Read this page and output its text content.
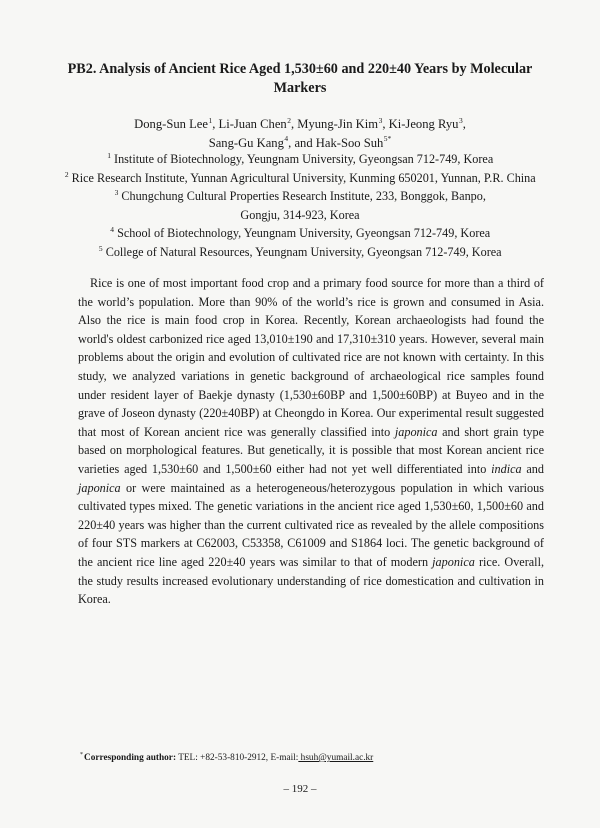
PB2. Analysis of Ancient Rice Aged 1,530±60 and 220±40 Years by Molecular
Markers
Dong-Sun Lee$^1$, Li-Juan Chen$^2$, Myung-Jin Kim$^3$, Ki-Jeong Ryu$^3$,
Sang-Gu Kang$^4$, and Hak-Soo Suh$^{5*}$
$^1$ Institute of Biotechnology, Yeungnam University, Gyeongsan 712-749, Korea
$^2$ Rice Research Institute, Yunnan Agricultural University, Kunming 650201, Yunnan, P.R. China
$^3$ Chungchung Cultural Properties Research Institute, 233, Bonggok, Banpo,
Gongju, 314-923, Korea
$^4$ School of Biotechnology, Yeungnam University, Gyeongsan 712-749, Korea
$^5$ College of Natural Resources, Yeungnam University, Gyeongsan 712-749, Korea

Rice is one of most important food crop and a primary food source for more than a third of the world’s population. More than 90% of the world’s rice is grown and consumed in Asia. Also the rice is main food crop in Korea. Recently, Korean archaeologists had found the world's oldest carbonized rice aged 13,010±190 and 17,310±310 years. However, several main problems about the origin and evolution of cultivated rice are not known with certainty. In this study, we analyzed variations in genetic background of archaeological rice samples found under resident layer of Baekje dynasty (1,530±60BP and 1,500±60BP) at Buyeo and in the grave of Joseon dynasty (220±40BP) at Cheongdo in Korea. Our experimental result suggested that most of Korean ancient rice was generally classified into japonica and short grain type based on morphological features. But genetically, it is possible that most Korean ancient rice varieties aged 1,530±60 and 1,500±60 either had not yet well differentiated into indica and japonica or were maintained as a heterogeneous/heterozygous population in which various cultivated types mixed. The genetic variations in the ancient rice aged 1,530±60, 1,500±60 and 220±40 years was higher than the current cultivated rice as revealed by the allele compositions of four STS markers at C62003, C53358, C61009 and S1864 loci. The genetic background of the ancient rice line aged 220±40 years was similar to that of modern japonica rice. Overall, the study results increased evolutionary understanding of rice domestication and cultivation in Korea.

*Corresponding author: TEL: +82-53-810-2912, E-mail: hsuh@yumail.ac.kr
– 192 –
